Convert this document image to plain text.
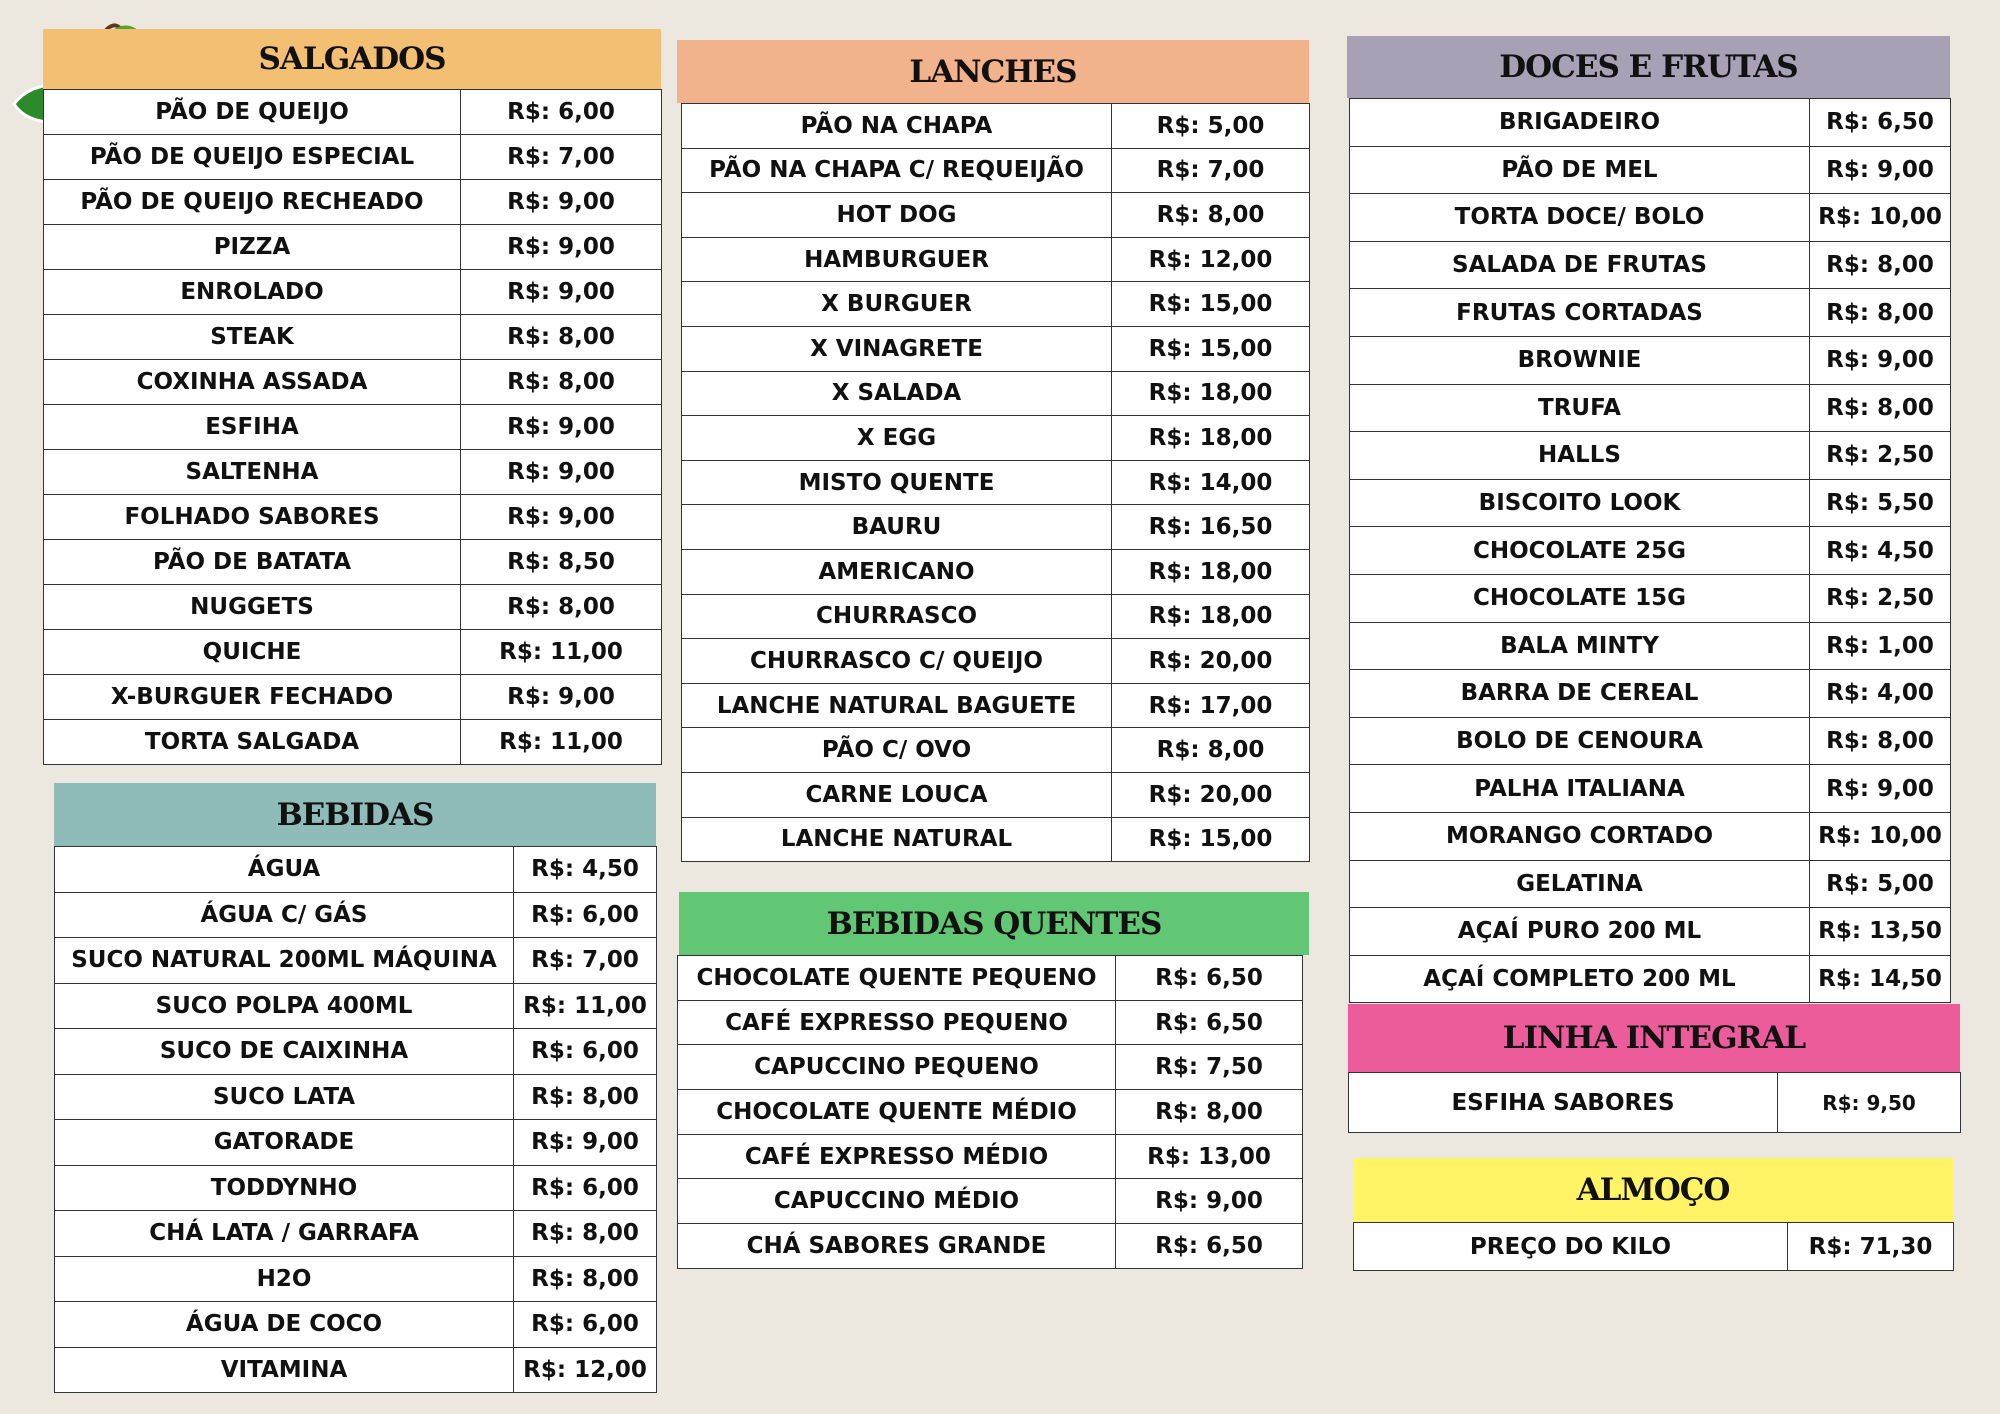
SALGADOS
PÃO DE QUEIJO	R$: 6,00
PÃO DE QUEIJO ESPECIAL	R$: 7,00
PÃO DE QUEIJO RECHEADO	R$: 9,00
PIZZA	R$: 9,00
ENROLADO	R$: 9,00
STEAK	R$: 8,00
COXINHA ASSADA	R$: 8,00
ESFIHA	R$: 9,00
SALTENHA	R$: 9,00
FOLHADO SABORES	R$: 9,00
PÃO DE BATATA	R$: 8,50
NUGGETS	R$: 8,00
QUICHE	R$: 11,00
X-BURGUER FECHADO	R$: 9,00
TORTA SALGADA	R$: 11,00
BEBIDAS
ÁGUA	R$: 4,50
ÁGUA C/ GÁS	R$: 6,00
SUCO NATURAL 200ML MÁQUINA	R$: 7,00
SUCO POLPA 400ML	R$: 11,00
SUCO DE CAIXINHA	R$: 6,00
SUCO LATA	R$: 8,00
GATORADE	R$: 9,00
TODDYNHO	R$: 6,00
CHÁ LATA / GARRAFA	R$: 8,00
H2O	R$: 8,00
ÁGUA DE COCO	R$: 6,00
VITAMINA	R$: 12,00
LANCHES
PÃO NA CHAPA	R$: 5,00
PÃO NA CHAPA C/ REQUEIJÃO	R$: 7,00
HOT DOG	R$: 8,00
HAMBURGUER	R$: 12,00
X BURGUER	R$: 15,00
X VINAGRETE	R$: 15,00
X SALADA	R$: 18,00
X EGG	R$: 18,00
MISTO QUENTE	R$: 14,00
BAURU	R$: 16,50
AMERICANO	R$: 18,00
CHURRASCO	R$: 18,00
CHURRASCO C/ QUEIJO	R$: 20,00
LANCHE NATURAL BAGUETE	R$: 17,00
PÃO C/ OVO	R$: 8,00
CARNE LOUCA	R$: 20,00
LANCHE NATURAL	R$: 15,00
BEBIDAS QUENTES
CHOCOLATE QUENTE PEQUENO	R$: 6,50
CAFÉ EXPRESSO PEQUENO	R$: 6,50
CAPUCCINO PEQUENO	R$: 7,50
CHOCOLATE QUENTE MÉDIO	R$: 8,00
CAFÉ EXPRESSO MÉDIO	R$: 13,00
CAPUCCINO MÉDIO	R$: 9,00
CHÁ SABORES GRANDE	R$: 6,50
DOCES E FRUTAS
BRIGADEIRO	R$: 6,50
PÃO DE MEL	R$: 9,00
TORTA DOCE/ BOLO	R$: 10,00
SALADA DE FRUTAS	R$: 8,00
FRUTAS CORTADAS	R$: 8,00
BROWNIE	R$: 9,00
TRUFA	R$: 8,00
HALLS	R$: 2,50
BISCOITO LOOK	R$: 5,50
CHOCOLATE 25G	R$: 4,50
CHOCOLATE 15G	R$: 2,50
BALA MINTY	R$: 1,00
BARRA DE CEREAL	R$: 4,00
BOLO DE CENOURA	R$: 8,00
PALHA ITALIANA	R$: 9,00
MORANGO CORTADO	R$: 10,00
GELATINA	R$: 5,00
AÇAÍ PURO 200 ML	R$: 13,50
AÇAÍ COMPLETO 200 ML	R$: 14,50
LINHA INTEGRAL
ESFIHA SABORES	R$: 9,50
ALMOÇO
PREÇO DO KILO	R$: 71,30
